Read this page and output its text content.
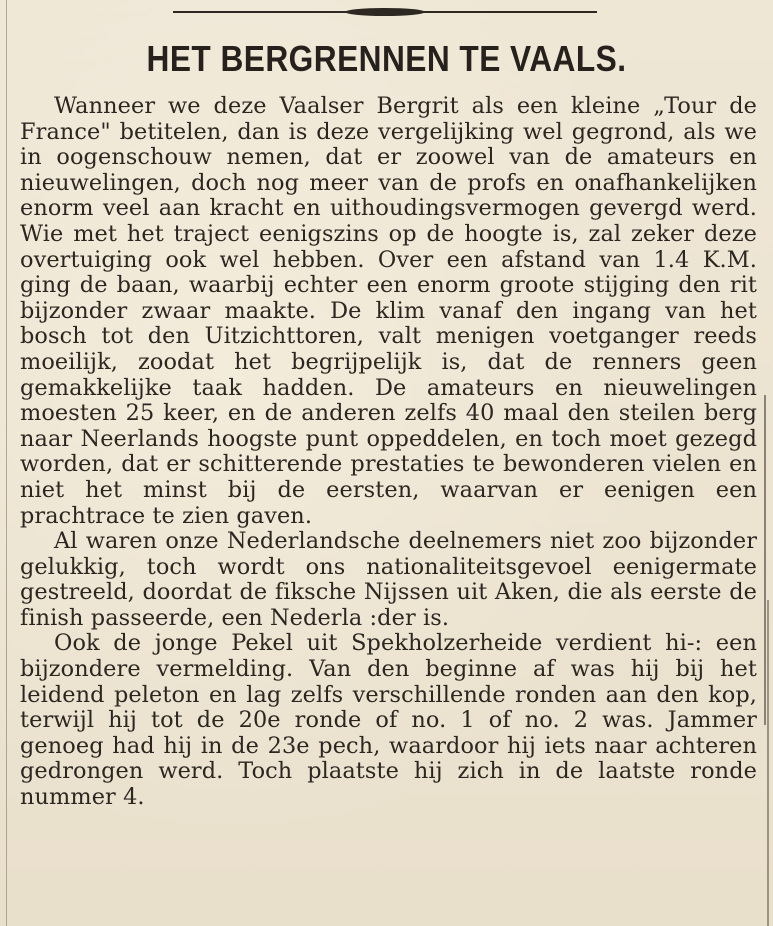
HET BERGRENNEN TE VAALS.

Wanneer we deze Vaalser Bergrit als een kleine „Tour de France" betitelen, dan is deze vergelijking wel gegrond, als we in oogenschouw nemen, dat er zoowel van de amateurs en nieuwelingen, doch nog meer van de profs en onafhankelijken enorm veel aan kracht en uithoudingsvermogen gevergd werd. Wie met het traject eenigszins op de hoogte is, zal zeker deze overtuiging ook wel hebben. Over een afstand van 1.4 K.M. ging de baan, waarbij echter een enorm groote stijging den rit bijzonder zwaar maakte. De klim vanaf den ingang van het bosch tot den Uitzichttoren, valt menigen voetganger reeds moeilijk, zoodat het begrijpelijk is, dat de renners geen gemakkelijke taak hadden. De amateurs en nieuwelingen moesten 25 keer, en de anderen zelfs 40 maal den steilen berg naar Neerlands hoogste punt oppeddelen, en toch moet gezegd worden, dat er schitterende prestaties te bewonderen vielen en niet het minst bij de eersten, waarvan er eenigen een prachtrace te zien gaven.

Al waren onze Nederlandsche deelnemers niet zoo bijzonder gelukkig, toch wordt ons nationaliteitsgevoel eenigermate gestreeld, doordat de fiksche Nijssen uit Aken, die als eerste de finish passeerde, een Nederla :der is.

Ook de jonge Pekel uit Spekholzerheide verdient hi-: een bijzondere vermelding. Van den beginne af was hij bij het leidend peleton en lag zelfs verschillende ronden aan den kop, terwijl hij tot de 20e ronde of no. 1 of no. 2 was. Jammer genoeg had hij in de 23e pech, waardoor hij iets naar achteren gedrongen werd. Toch plaatste hij zich in de laatste ronde nummer 4.
